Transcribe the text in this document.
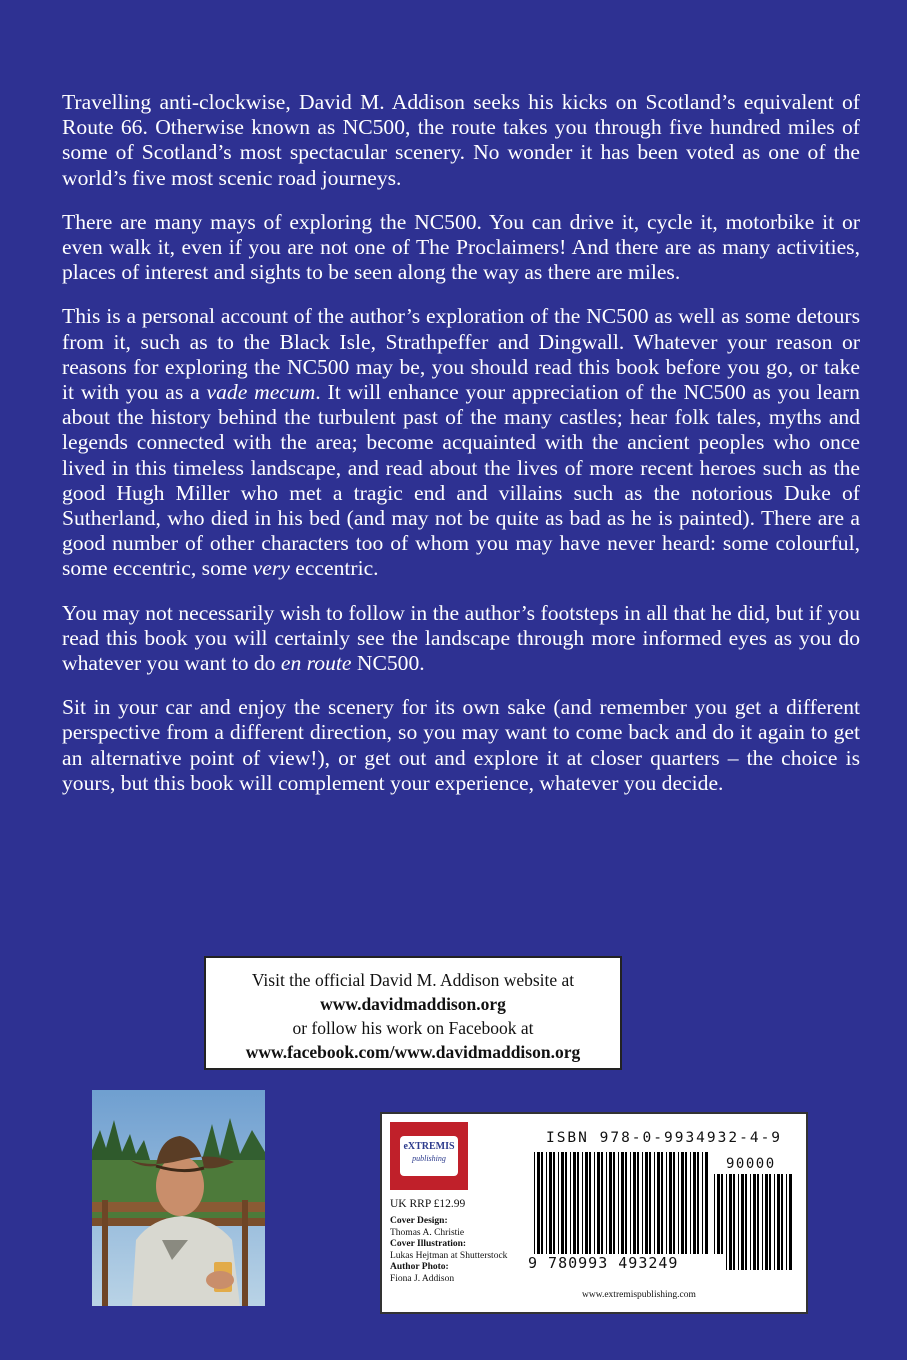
Travelling anti-clockwise, David M. Addison seeks his kicks on Scotland’s equivalent of Route 66. Otherwise known as NC500, the route takes you through five hundred miles of some of Scotland’s most spectacular scenery. No wonder it has been voted as one of the world’s five most scenic road journeys.

There are many mays of exploring the NC500. You can drive it, cycle it, motorbike it or even walk it, even if you are not one of The Proclaimers! And there are as many activities, places of interest and sights to be seen along the way as there are miles.

This is a personal account of the author’s exploration of the NC500 as well as some detours from it, such as to the Black Isle, Strathpeffer and Dingwall. Whatever your reason or reasons for exploring the NC500 may be, you should read this book before you go, or take it with you as a vade mecum. It will enhance your appreciation of the NC500 as you learn about the history behind the turbulent past of the many castles; hear folk tales, myths and legends connected with the area; become acquainted with the ancient peoples who once lived in this timeless landscape, and read about the lives of more recent heroes such as the good Hugh Miller who met a tragic end and villains such as the notorious Duke of Sutherland, who died in his bed (and may not be quite as bad as he is painted). There are a good number of other characters too of whom you may have never heard: some colourful, some eccentric, some very eccentric.

You may not necessarily wish to follow in the author’s footsteps in all that he did, but if you read this book you will certainly see the landscape through more informed eyes as you do whatever you want to do en route NC500.

Sit in your car and enjoy the scenery for its own sake (and remember you get a different perspective from a different direction, so you may want to come back and do it again to get an alternative point of view!), or get out and explore it at closer quarters – the choice is yours, but this book will complement your experience, whatever you decide.

Visit the official David M. Addison website at
www.davidmaddison.org
or follow his work on Facebook at
www.facebook.com/www.davidmaddison.org
eXTREMIS
publishing
UK RRP £12.99
Cover Design:
Thomas A. Christie
Cover Illustration:
Lukas Hejtman at Shutterstock
Author Photo:
Fiona J. Addison
ISBN 978-0-9934932-4-9
90000
9 780993 493249
www.extremispublishing.com
